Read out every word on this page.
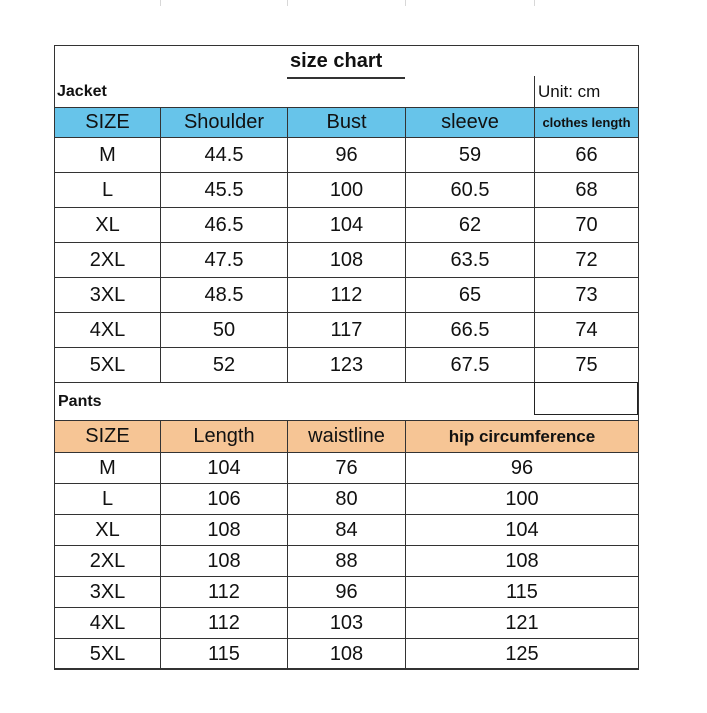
size chart
Jacket	Unit: cm
SIZE	Shoulder	Bust	sleeve	clothes length
M	44.5	96	59	66
L	45.5	100	60.5	68
XL	46.5	104	62	70
2XL	47.5	108	63.5	72
3XL	48.5	112	65	73
4XL	50	117	66.5	74
5XL	52	123	67.5	75
Pants
SIZE	Length	waistline	hip circumference
M	104	76	96
L	106	80	100
XL	108	84	104
2XL	108	88	108
3XL	112	96	115
4XL	112	103	121
5XL	115	108	125
